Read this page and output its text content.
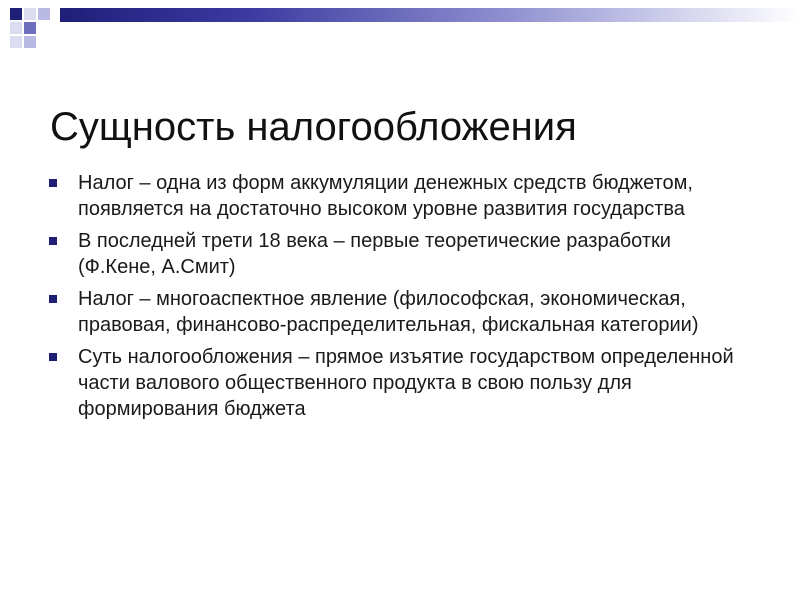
Сущность налогообложения
Налог – одна из форм аккумуляции денежных средств бюджетом, появляется на достаточно высоком уровне развития государства
В последней трети 18 века – первые теоретические разработки (Ф.Кене, А.Смит)
Налог – многоаспектное явление (философская, экономическая, правовая, финансово-распределительная, фискальная категории)
Суть налогообложения – прямое изъятие государством определенной части валового общественного продукта в свою пользу для формирования бюджета
